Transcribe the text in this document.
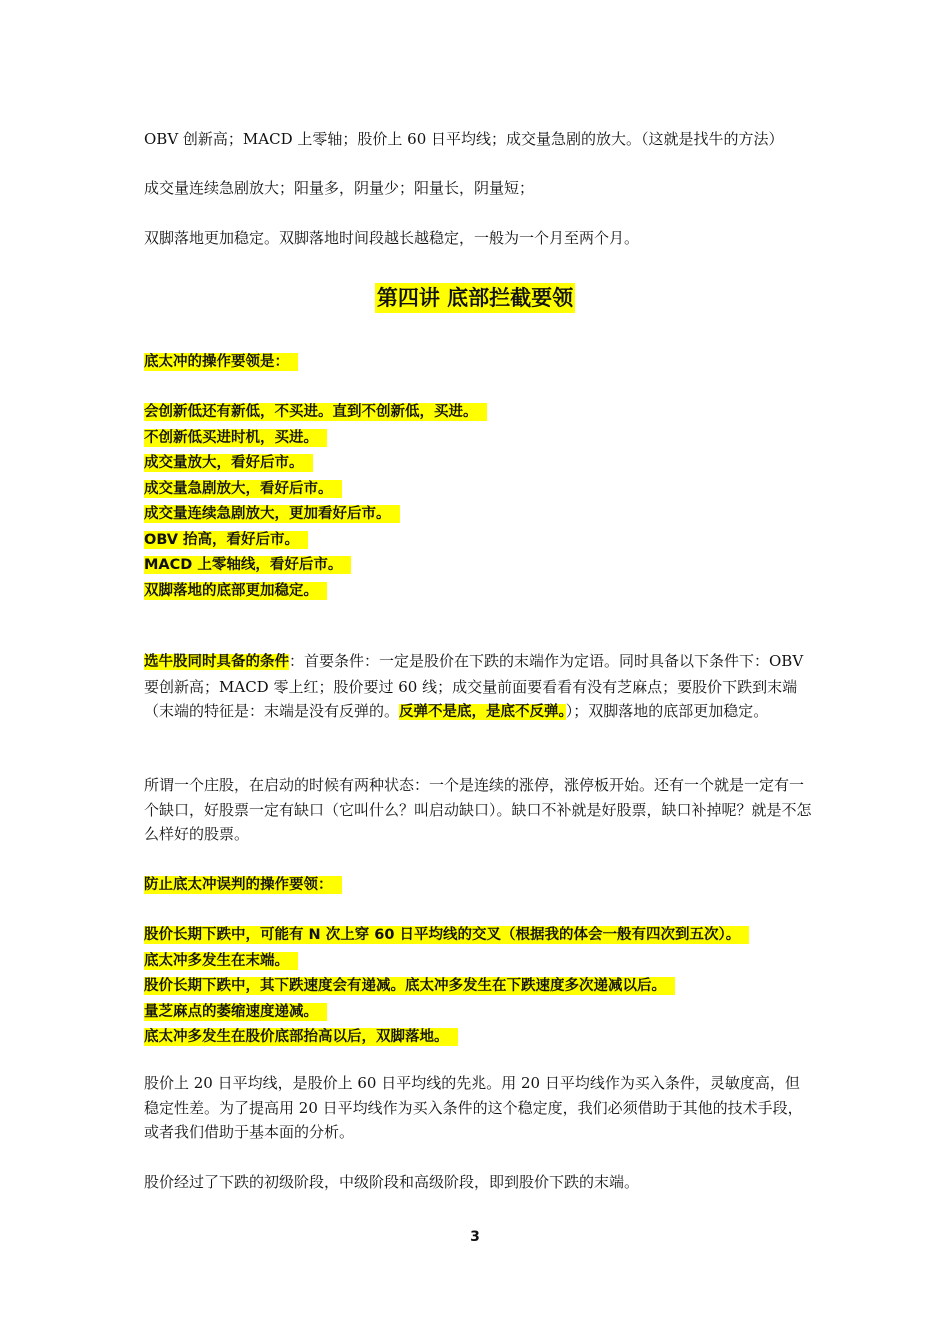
OBV 创新高；MACD 上零轴；股价上 60 日平均线；成交量急剧的放大。（这就是找牛的方法）

成交量连续急剧放大；阳量多，阴量少；阳量长，阴量短；

双脚落地更加稳定。双脚落地时间段越长越稳定，一般为一个月至两个月。

第四讲 底部拦截要领

底太冲的操作要领是：
会创新低还有新低，不买进。直到不创新低，买进。
不创新低买进时机，买进。
成交量放大，看好后市。
成交量急剧放大，看好后市。
成交量连续急剧放大，更加看好后市。
OBV 抬高，看好后市。
MACD 上零轴线，看好后市。
双脚落地的底部更加稳定。

选牛股同时具备的条件：首要条件：一定是股价在下跌的末端作为定语。同时具备以下条件下：OBV 要创新高；MACD 零上红；股价要过 60 线；成交量前面要看看有没有芝麻点；要股价下跌到末端（末端的特征是：末端是没有反弹的。反弹不是底，是底不反弹。）；双脚落地的底部更加稳定。

所谓一个庄股，在启动的时候有两种状态：一个是连续的涨停，涨停板开始。还有一个就是一定有一个缺口，好股票一定有缺口（它叫什么？叫启动缺口）。缺口不补就是好股票，缺口补掉呢？就是不怎么样好的股票。

防止底太冲误判的操作要领：
股价长期下跌中，可能有 N 次上穿 60 日平均线的交叉（根据我的体会一般有四次到五次）。
底太冲多发生在末端。
股价长期下跌中，其下跌速度会有递减。底太冲多发生在下跌速度多次递减以后。
量芝麻点的萎缩速度递减。
底太冲多发生在股价底部抬高以后，双脚落地。

股价上 20 日平均线，是股价上 60 日平均线的先兆。用 20 日平均线作为买入条件，灵敏度高，但稳定性差。为了提高用 20 日平均线作为买入条件的这个稳定度，我们必须借助于其他的技术手段，或者我们借助于基本面的分析。

股价经过了下跌的初级阶段，中级阶段和高级阶段，即到股价下跌的末端。

3
